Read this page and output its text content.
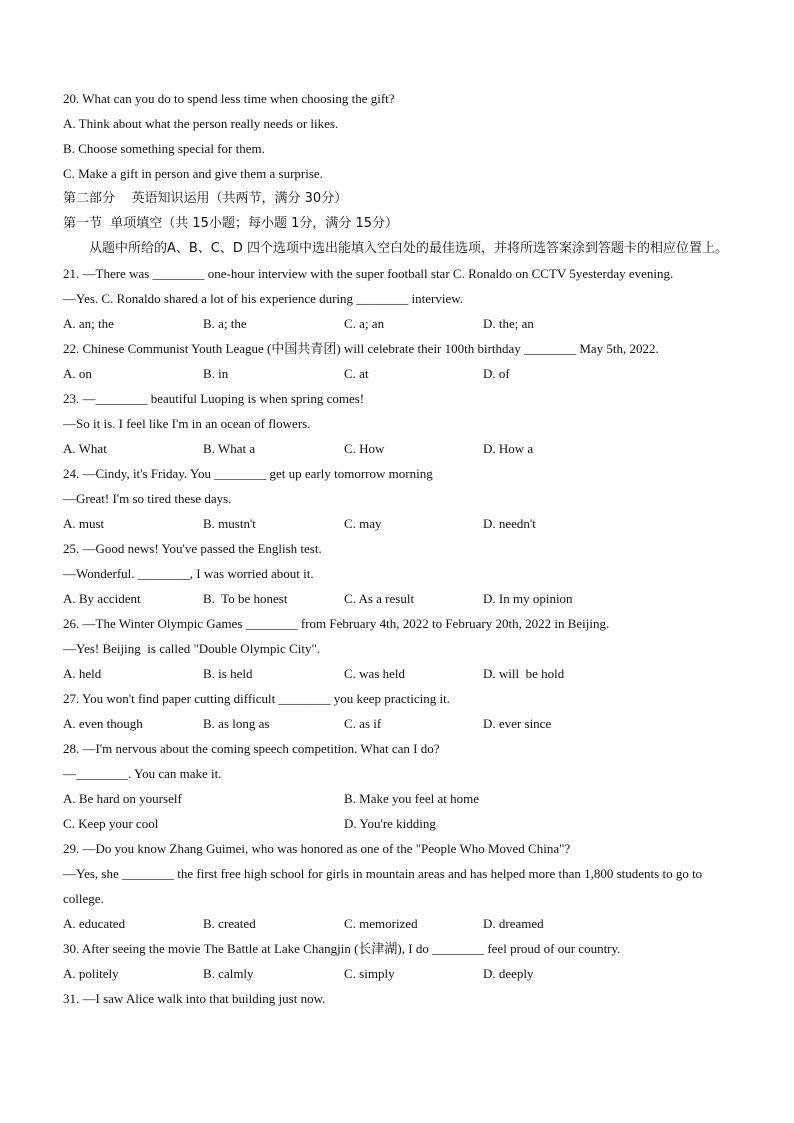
20. What can you do to spend less time when choosing the gift?
A. Think about what the person really needs or likes.
B. Choose something special for them.
C. Make a gift in person and give them a surprise.
第二部分    英语知识运用（共两节，满分 30分）
第一节  单项填空（共 15小题；每小题 1分，满分 15分）
从题中所给的A、B、C、D 四个选项中选出能填入空白处的最佳选项，并将所选答案涂到答题卡的相应位置上。
21. —There was ________ one-hour interview with the super football star C. Ronaldo on CCTV 5yesterday evening.
—Yes. C. Ronaldo shared a lot of his experience during ________ interview.
A. an; the	B. a; the	C. a; an	D. the; an
22. Chinese Communist Youth League (中国共青团) will celebrate their 100th birthday ________ May 5th, 2022.
A. on	B. in	C. at	D. of
23. —________ beautiful Luoping is when spring comes!
—So it is. I feel like I'm in an ocean of flowers.
A. What	B. What a	C. How	D. How a
24. —Cindy, it's Friday. You ________ get up early tomorrow morning
—Great! I'm so tired these days.
A. must	B. mustn't	C. may	D. needn't
25. —Good news! You've passed the English test.
—Wonderful. ________, I was worried about it.
A. By accident	B.  To be honest	C. As a result	D. In my opinion
26. —The Winter Olympic Games ________ from February 4th, 2022 to February 20th, 2022 in Beijing.
—Yes! Beijing  is called "Double Olympic City".
A. held	B. is held	C. was held	D. will  be hold
27. You won't find paper cutting difficult ________ you keep practicing it.
A. even though	B. as long as	C. as if	D. ever since
28. —I'm nervous about the coming speech competition. What can I do?
—________. You can make it.
A. Be hard on yourself	B. Make you feel at home
C. Keep your cool	D. You're kidding
29. —Do you know Zhang Guimei, who was honored as one of the "People Who Moved China"?
—Yes, she ________ the first free high school for girls in mountain areas and has helped more than 1,800 students to go to college.
A. educated	B. created	C. memorized	D. dreamed
30. After seeing the movie The Battle at Lake Changjin (长津湖), I do ________ feel proud of our country.
A. politely	B. calmly	C. simply	D. deeply
31. —I saw Alice walk into that building just now.
